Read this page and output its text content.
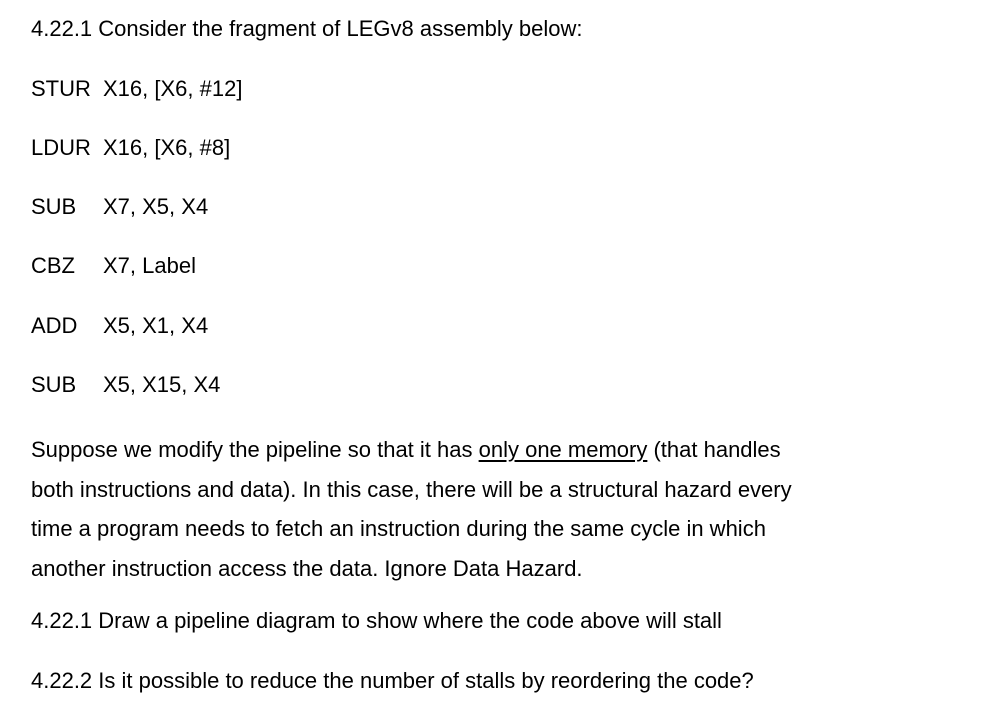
4.22.1 Consider the fragment of LEGv8 assembly below:
STUR X16, [X6, #12]
LDUR X16, [X6, #8]
SUB	X7, X5, X4
CBZ	X7, Label
ADD	X5, X1, X4
SUB	X5, X15, X4
Suppose we modify the pipeline so that it has only one memory (that handles
both instructions and data). In this case, there will be a structural hazard every
time a program needs to fetch an instruction during the same cycle in which
another instruction access the data. Ignore Data Hazard.
4.22.1 Draw a pipeline diagram to show where the code above will stall
4.22.2 Is it possible to reduce the number of stalls by reordering the code?
